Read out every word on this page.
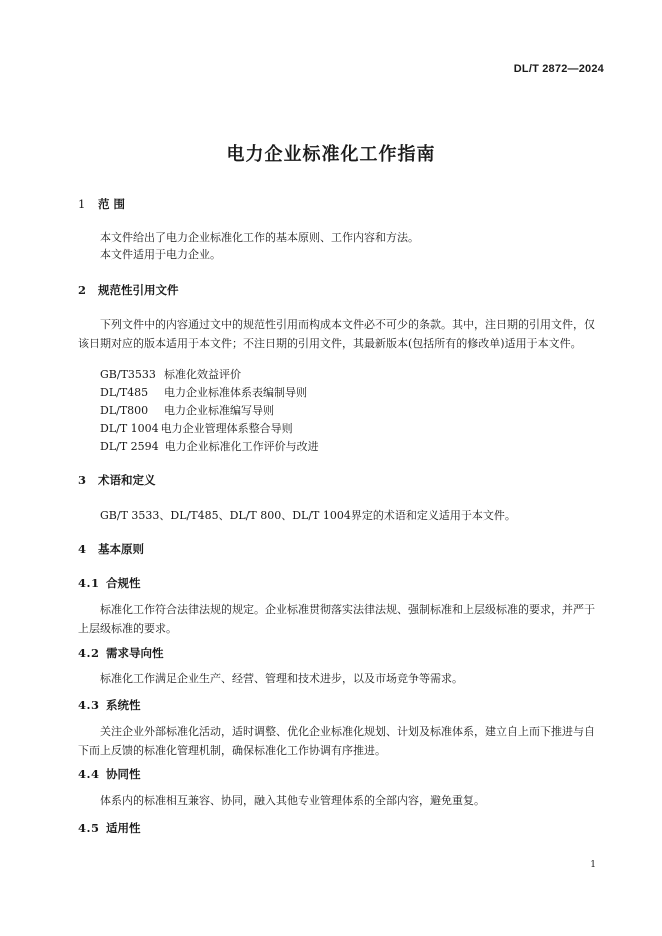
DL/T 2872—2024
电力企业标准化工作指南
1 范 围
本文件给出了电力企业标准化工作的基本原则、工作内容和方法。
本文件适用于电力企业。
2 规范性引用文件
下列文件中的内容通过文中的规范性引用而构成本文件必不可少的条款。其中，注日期的引用文件，仅该日期对应的版本适用于本文件；不注日期的引用文件，其最新版本(包括所有的修改单)适用于本文件。
GB/T3533 标准化效益评价
DL/T485 电力企业标准体系表编制导则
DL/T800 电力企业标准编写导则
DL/T 1004 电力企业管理体系整合导则
DL/T 2594 电力企业标准化工作评价与改进
3 术语和定义
GB/T 3533、DL/T485、DL/T 800、DL/T 1004界定的术语和定义适用于本文件。
4 基本原则
4.1 合规性
标准化工作符合法律法规的规定。企业标准贯彻落实法律法规、强制标准和上层级标准的要求，并严于上层级标准的要求。
4.2 需求导向性
标准化工作满足企业生产、经营、管理和技术进步，以及市场竞争等需求。
4.3 系统性
关注企业外部标准化活动，适时调整、优化企业标准化规划、计划及标准体系，建立自上而下推进与自下而上反馈的标准化管理机制，确保标准化工作协调有序推进。
4.4 协同性
体系内的标准相互兼容、协同，融入其他专业管理体系的全部内容，避免重复。
4.5 适用性
1
